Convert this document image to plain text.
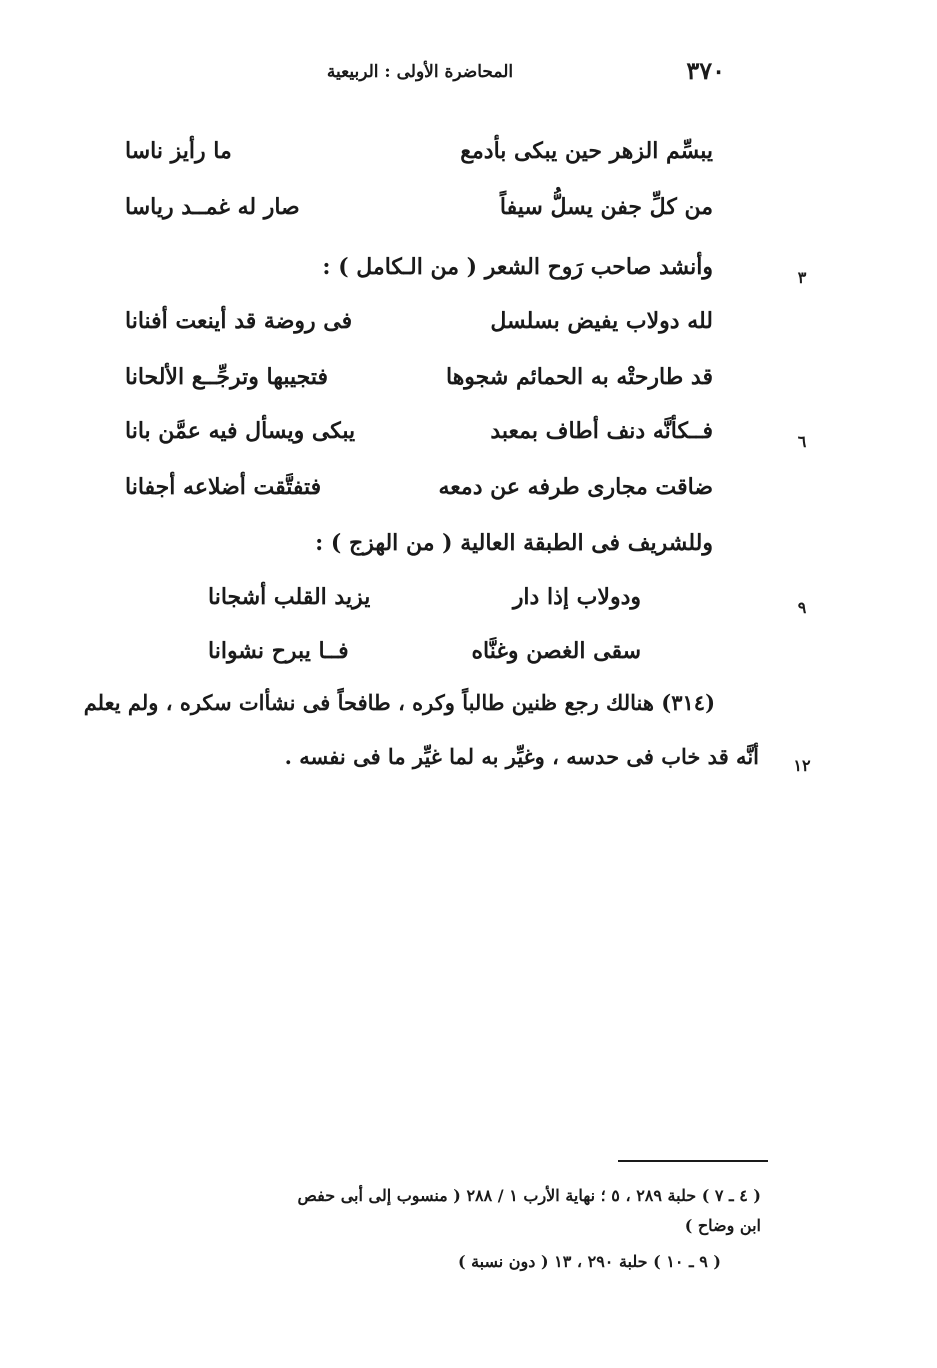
المحاضرة الأولى : الربيعية	٣٧٠
يبسِّم الزهر حين يبكى بأدمع
ما رأيز ناسا
من كلِّ جفن يسلُّ سيفاً
صار له غمــد رياسا
٣
وأنشد صاحب رَوح الشعر ( من الـكامل ) :
لله دولاب يفيض بسلسل
فى روضة قد أينعت أفنانا
قد طارحتْه به الحمائم شجوها
فتجيبها وترجِّــع الألحانا
٦
فــكأنَّه دنف أطاف بمعبد
يبكى ويسأل فيه عمَّن بانا
ضاقت مجارى طرفه عن دمعه
فتفتَّقت أضلاعه أجفانا
وللشريف فى الطبقة العالية ( من الهزج ) :
٩
ودولاب إذا دار
يزيد القلب أشجانا
سقى الغصن وغنَّاه
فــا يبرح نشوانا
(٣١٤) هنالك رجع ظنين طالباً وكره ، طافحاً فى نشأات سكره ، ولم يعلم
١٢
أنَّه قد خاب فى حدسه ، وغيِّر به لما غيِّر ما فى نفسه .
( ٤ ـ ٧ ) حلبة ٢٨٩ ، ٥ ؛ نهاية الأرب ١ / ٢٨٨ ( منسوب إلى أبى حفص
ابن وضاح )
( ٩ ـ ١٠ ) حلبة ٢٩٠ ، ١٣ ( دون نسبة )
